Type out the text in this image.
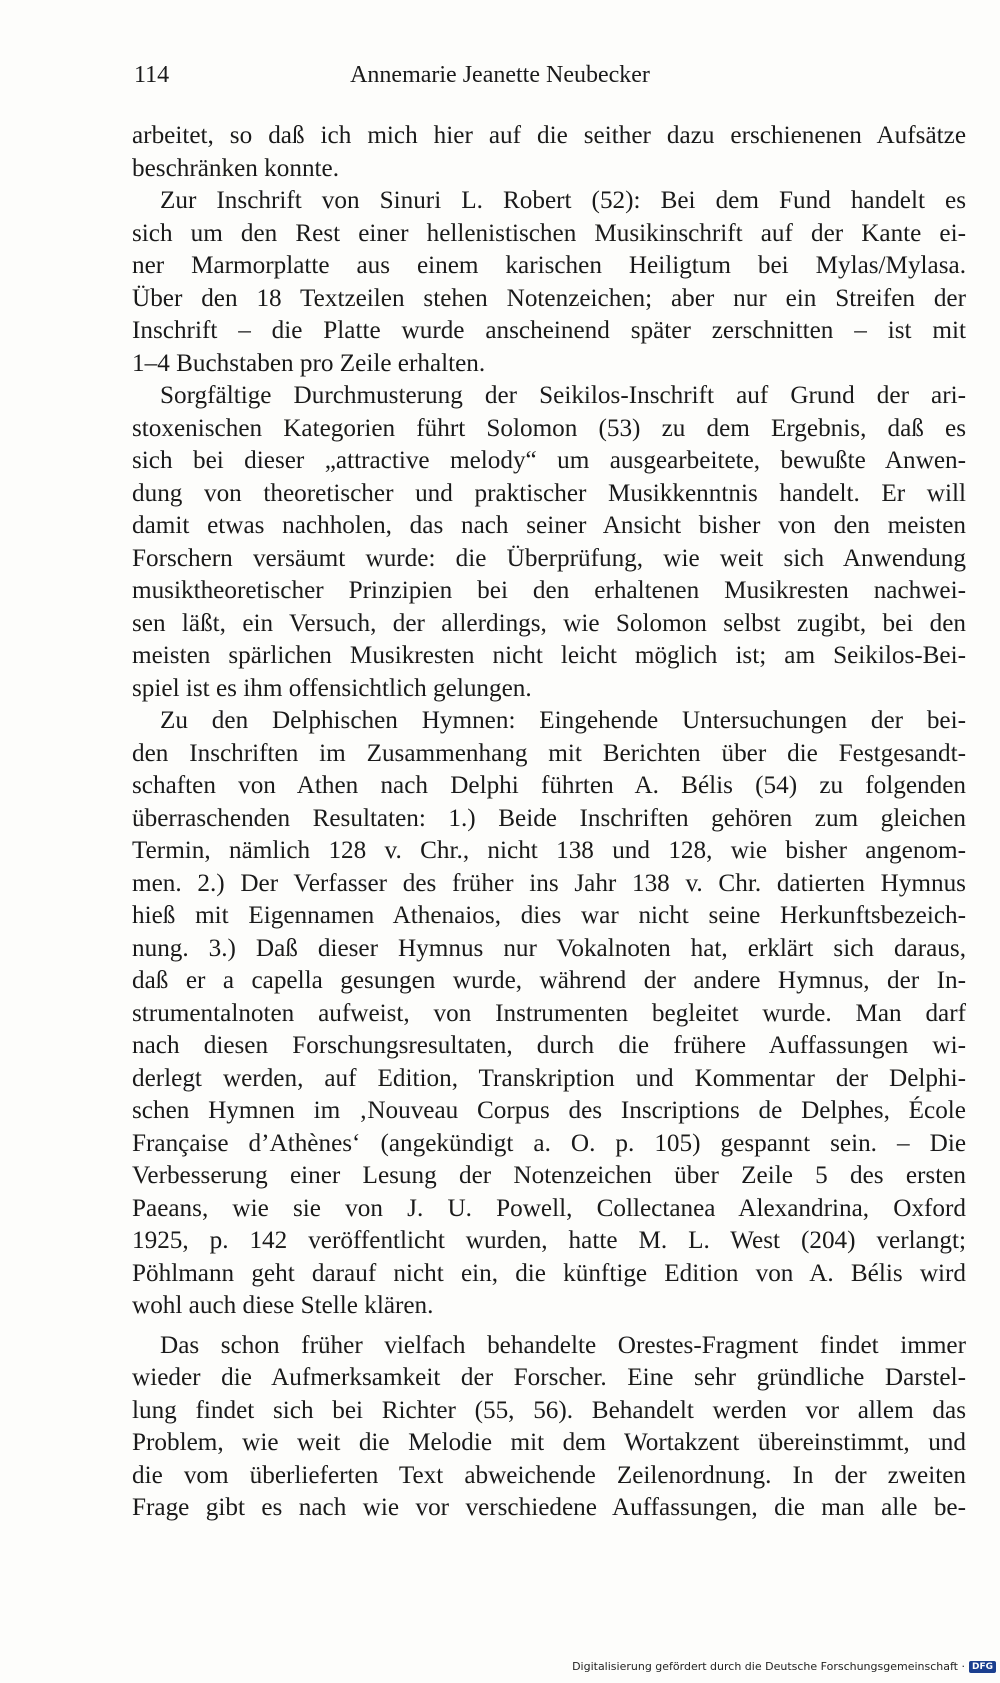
114	Annemarie Jeanette Neubecker
arbeitet, so daß ich mich hier auf die seither dazu erschienenen Aufsätze
beschränken konnte.
Zur Inschrift von Sinuri L. Robert (52): Bei dem Fund handelt es
sich um den Rest einer hellenistischen Musikinschrift auf der Kante ei-
ner Marmorplatte aus einem karischen Heiligtum bei Mylas/Mylasa.
Über den 18 Textzeilen stehen Notenzeichen; aber nur ein Streifen der
Inschrift – die Platte wurde anscheinend später zerschnitten – ist mit
1–4 Buchstaben pro Zeile erhalten.
Sorgfältige Durchmusterung der Seikilos-Inschrift auf Grund der ari-
stoxenischen Kategorien führt Solomon (53) zu dem Ergebnis, daß es
sich bei dieser „attractive melody“ um ausgearbeitete, bewußte Anwen-
dung von theoretischer und praktischer Musikkenntnis handelt. Er will
damit etwas nachholen, das nach seiner Ansicht bisher von den meisten
Forschern versäumt wurde: die Überprüfung, wie weit sich Anwendung
musiktheoretischer Prinzipien bei den erhaltenen Musikresten nachwei-
sen läßt, ein Versuch, der allerdings, wie Solomon selbst zugibt, bei den
meisten spärlichen Musikresten nicht leicht möglich ist; am Seikilos-Bei-
spiel ist es ihm offensichtlich gelungen.
Zu den Delphischen Hymnen: Eingehende Untersuchungen der bei-
den Inschriften im Zusammenhang mit Berichten über die Festgesandt-
schaften von Athen nach Delphi führten A. Bélis (54) zu folgenden
überraschenden Resultaten: 1.) Beide Inschriften gehören zum gleichen
Termin, nämlich 128 v. Chr., nicht 138 und 128, wie bisher angenom-
men. 2.) Der Verfasser des früher ins Jahr 138 v. Chr. datierten Hymnus
hieß mit Eigennamen Athenaios, dies war nicht seine Herkunftsbezeich-
nung. 3.) Daß dieser Hymnus nur Vokalnoten hat, erklärt sich daraus,
daß er a capella gesungen wurde, während der andere Hymnus, der In-
strumentalnoten aufweist, von Instrumenten begleitet wurde. Man darf
nach diesen Forschungsresultaten, durch die frühere Auffassungen wi-
derlegt werden, auf Edition, Transkription und Kommentar der Delphi-
schen Hymnen im ‚Nouveau Corpus des Inscriptions de Delphes, École
Française d’Athènes‘ (angekündigt a. O. p. 105) gespannt sein. – Die
Verbesserung einer Lesung der Notenzeichen über Zeile 5 des ersten
Paeans, wie sie von J. U. Powell, Collectanea Alexandrina, Oxford
1925, p. 142 veröffentlicht wurden, hatte M. L. West (204) verlangt;
Pöhlmann geht darauf nicht ein, die künftige Edition von A. Bélis wird
wohl auch diese Stelle klären.
Das schon früher vielfach behandelte Orestes-Fragment findet immer
wieder die Aufmerksamkeit der Forscher. Eine sehr gründliche Darstel-
lung findet sich bei Richter (55, 56). Behandelt werden vor allem das
Problem, wie weit die Melodie mit dem Wortakzent übereinstimmt, und
die vom überlieferten Text abweichende Zeilenordnung. In der zweiten
Frage gibt es nach wie vor verschiedene Auffassungen, die man alle be-
Digitalisierung gefördert durch die Deutsche Forschungsgemeinschaft · DFG
